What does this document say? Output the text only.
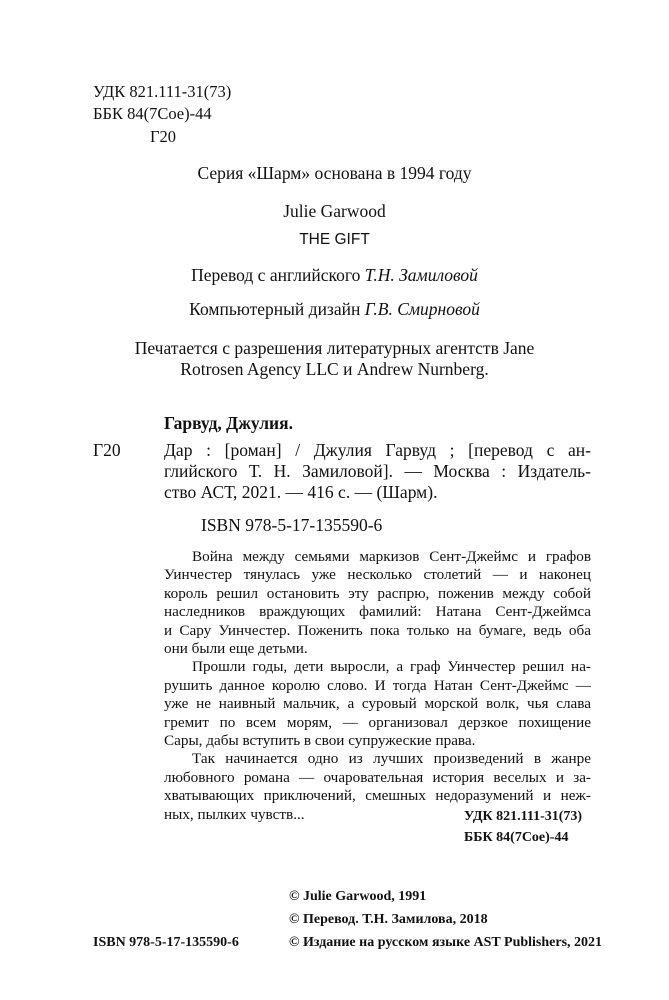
УДК 821.111-31(73)
ББК 84(7Сое)-44
Г20
Серия «Шарм» основана в 1994 году
Julie Garwood
THE GIFT
Перевод с английского Т.Н. Замиловой
Компьютерный дизайн Г.В. Смирновой
Печатается с разрешения литературных агентств Jane
Rotrosen Agency LLC и Andrew Nurnberg.
Гарвуд, Джулия.
Г20 Дар : [роман] / Джулия Гарвуд ; [перевод с ан-
глийского Т. Н. Замиловой]. — Москва : Издатель-
ство АСТ, 2021. — 416 с. — (Шарм).
ISBN 978-5-17-135590-6
Война между семьями маркизов Сент-Джеймс и графов
Уинчестер тянулась уже несколько столетий — и наконец
король решил остановить эту распрю, поженив между собой
наследников враждующих фамилий: Натана Сент-Джеймса
и Сару Уинчестер. Поженить пока только на бумаге, ведь оба
они были еще детьми.
Прошли годы, дети выросли, а граф Уинчестер решил на-
рушить данное королю слово. И тогда Натан Сент-Джеймс —
уже не наивный мальчик, а суровый морской волк, чья слава
гремит по всем морям, — организовал дерзкое похищение
Сары, дабы вступить в свои супружеские права.
Так начинается одно из лучших произведений в жанре
любовного романа — очаровательная история веселых и за-
хватывающих приключений, смешных недоразумений и неж-
ных, пылких чувств...	УДК 821.111-31(73)
ББК 84(7Сое)-44
© Julie Garwood, 1991
© Перевод. Т.Н. Замилова, 2018
ISBN 978-5-17-135590-6	© Издание на русском языке AST Publishers, 2021
